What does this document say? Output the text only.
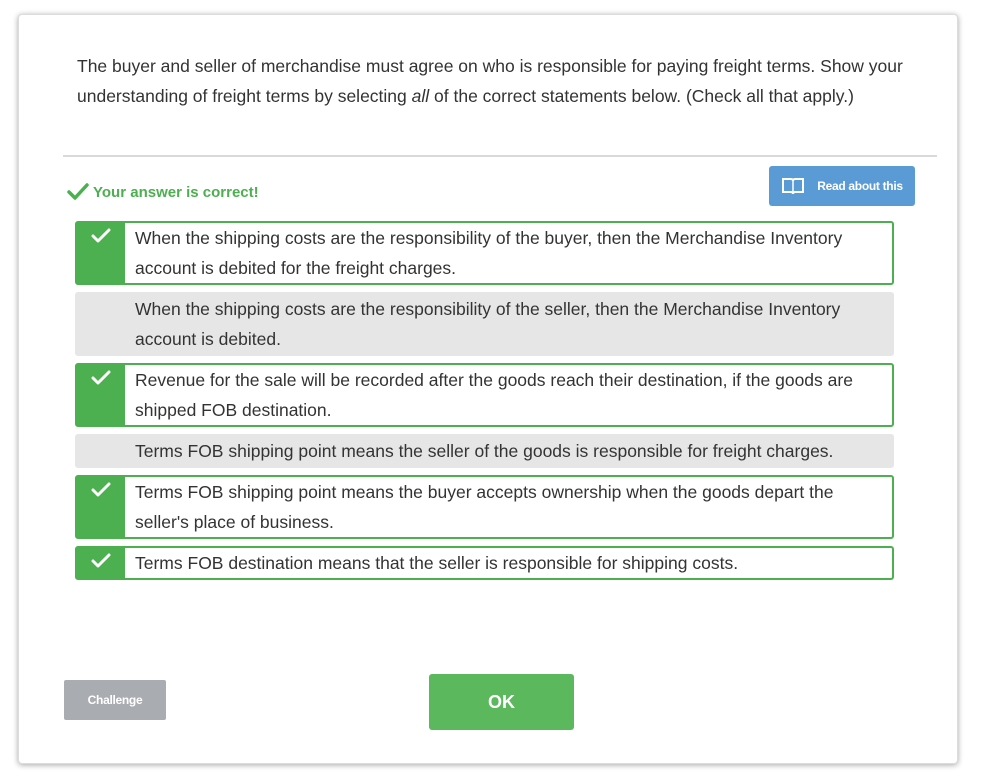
The buyer and seller of merchandise must agree on who is responsible for paying freight terms. Show your understanding of freight terms by selecting all of the correct statements below. (Check all that apply.)
Your answer is correct!	Read about this
When the shipping costs are the responsibility of the buyer, then the Merchandise Inventory account is debited for the freight charges.
When the shipping costs are the responsibility of the seller, then the Merchandise Inventory account is debited.
Revenue for the sale will be recorded after the goods reach their destination, if the goods are shipped FOB destination.
Terms FOB shipping point means the seller of the goods is responsible for freight charges.
Terms FOB shipping point means the buyer accepts ownership when the goods depart the seller's place of business.
Terms FOB destination means that the seller is responsible for shipping costs.
Challenge	OK
